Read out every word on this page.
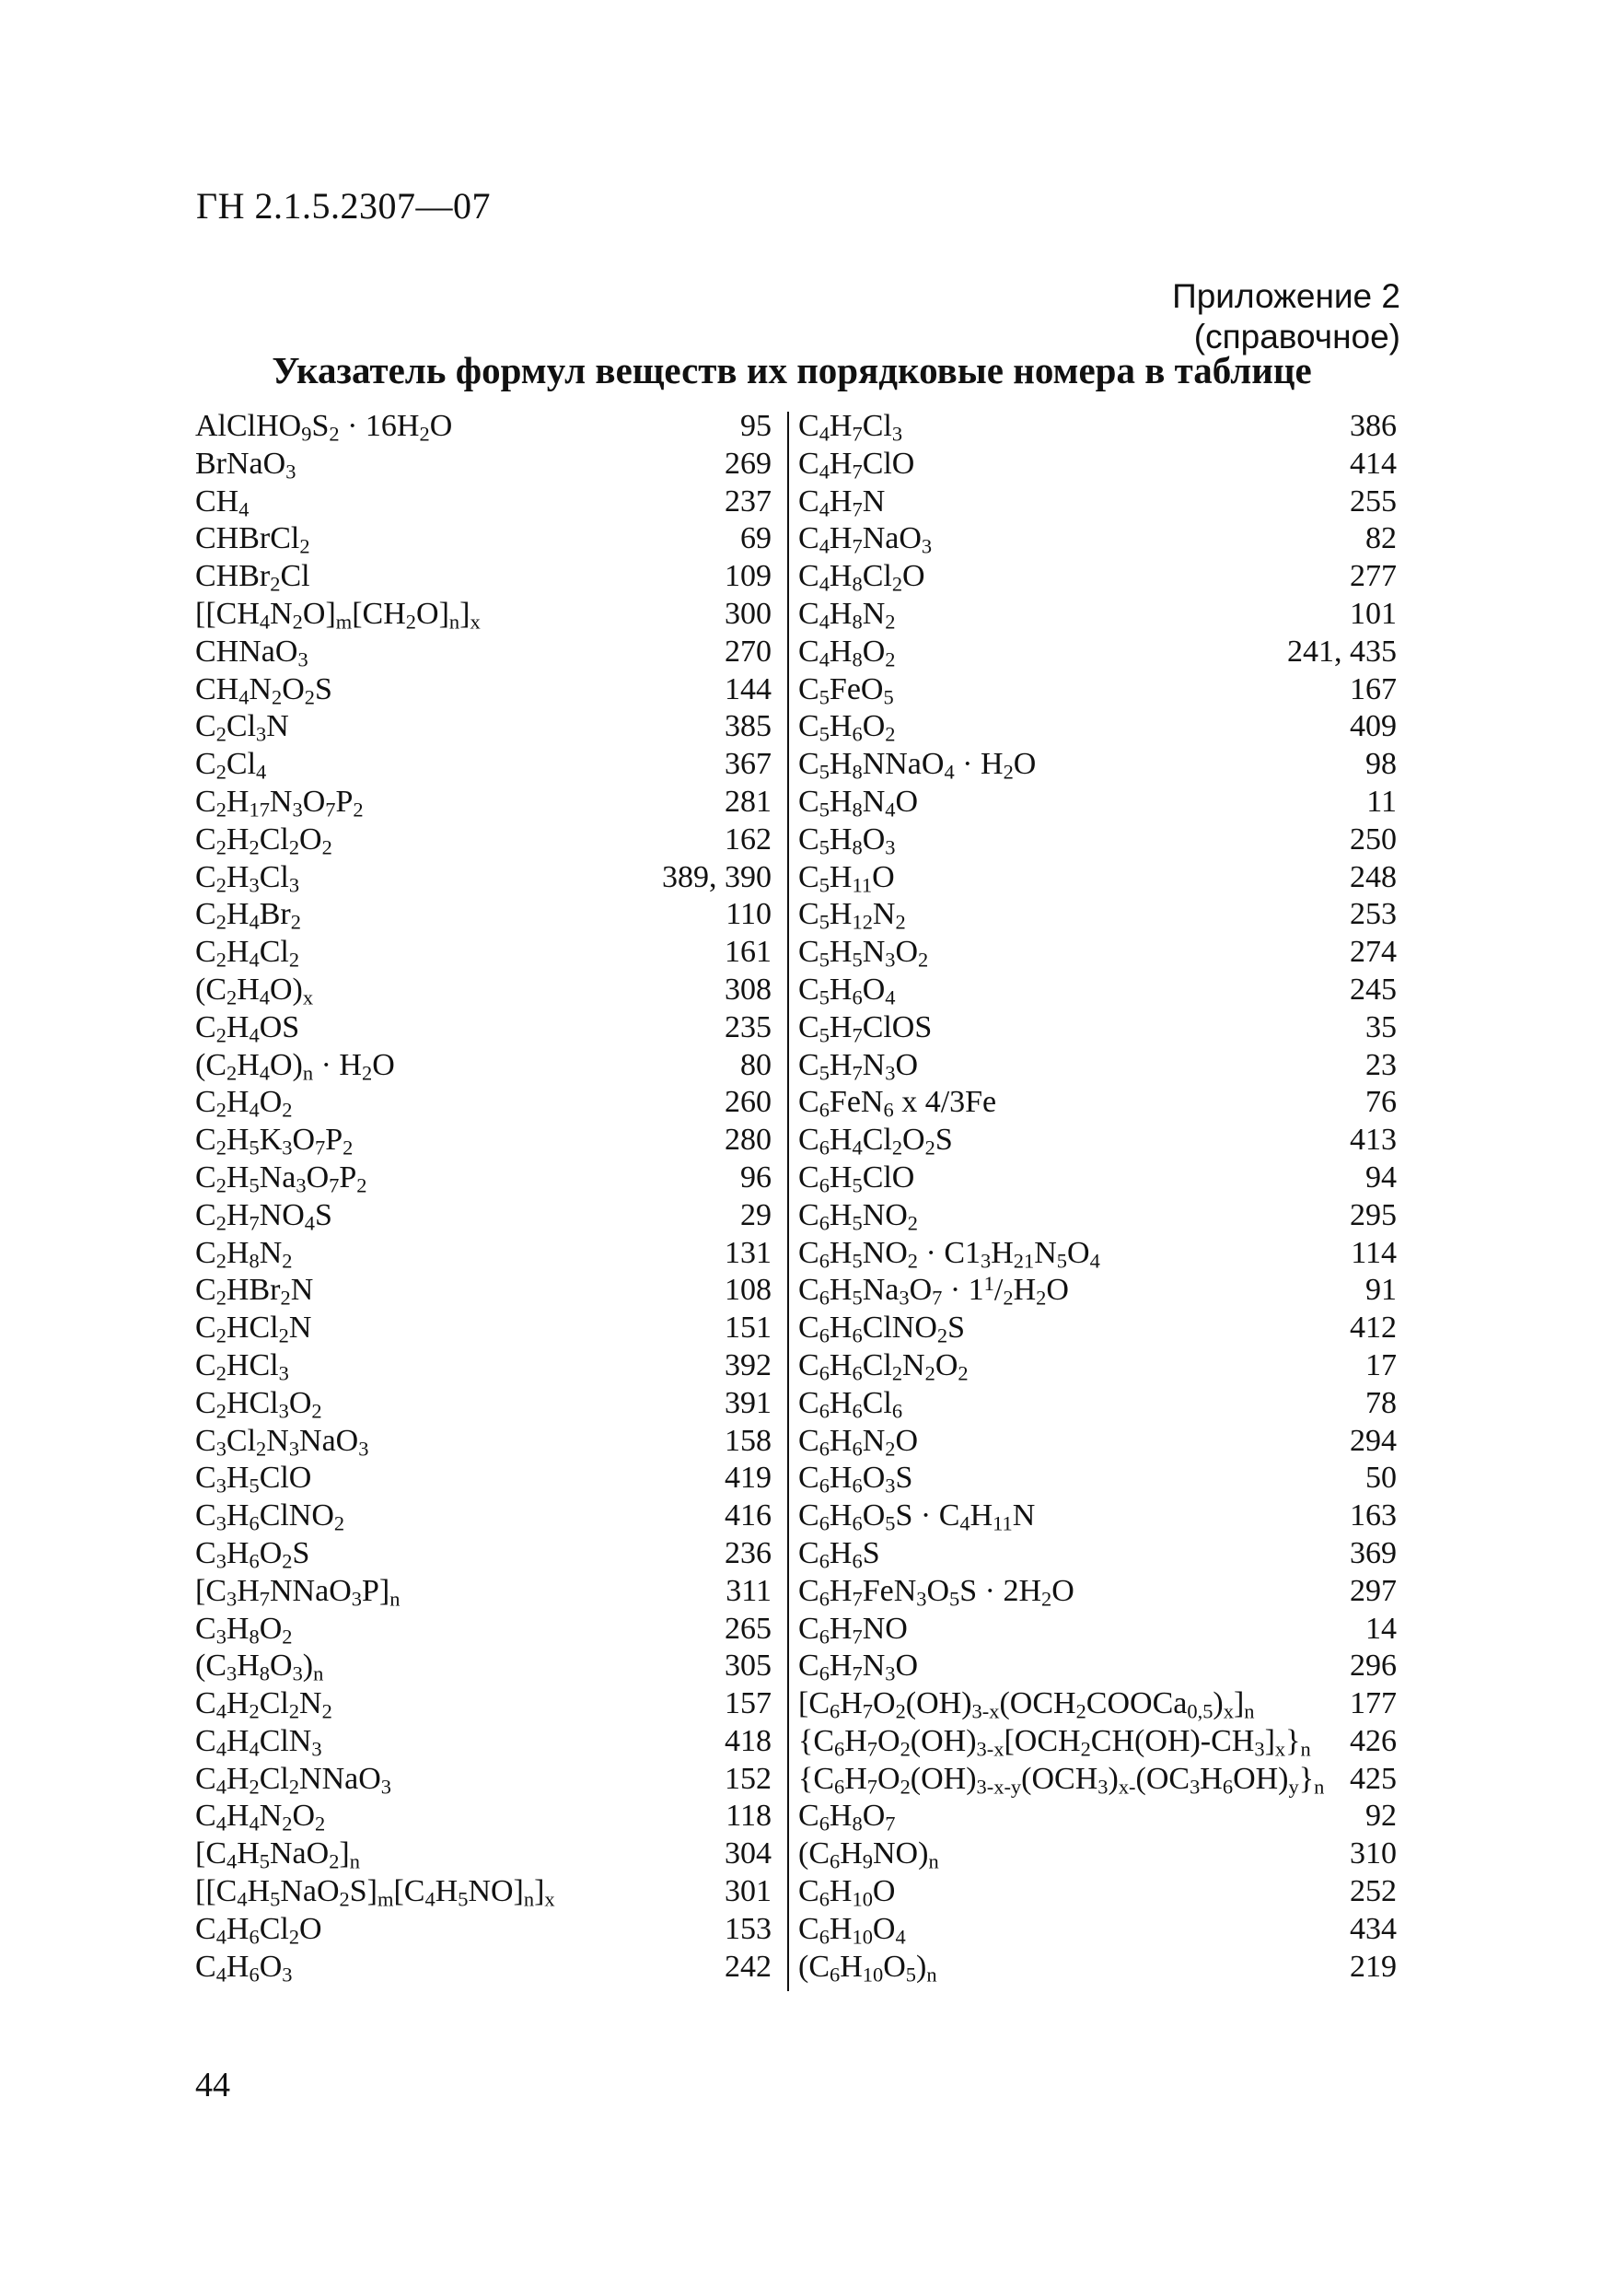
ГН 2.1.5.2307—07
Приложение 2
(справочное)
Указатель формул веществ их порядковые номера в таблице
$AlClHO_9S_2 \cdot 16H_2O$	95
BrNaO$_3$	269
$CH_4$	237
CHBrCl$_2$	69
CHBr$_2$Cl	109
$[[CH_4N_2O]_m[CH_2O]_n]_x$	300
CHNaO$_3$	270
$CH_4N_2O_2S$	144
$C_2Cl_3N$	385
$C_2Cl_4$	367
$C_2H_{17}N_3O_7P_2$	281
$C_2H_2Cl_2O_2$	162
$C_2H_3Cl_3$	389, 390
$C_2H_4Br_2$	110
$C_2H_4Cl_2$	161
$(C_2H_4O)_x$	308
$C_2H_4OS$	235
$(C_2H_4O)_n \cdot H_2O$	80
$C_2H_4O_2$	260
$C_2H_5K_3O_7P_2$	280
$C_2H_5Na_3O_7P_2$	96
$C_2H_7NO_4S$	29
$C_2H_8N_2$	131
$C_2HBr_2N$	108
$C_2HCl_2N$	151
$C_2HCl_3$	392
$C_2HCl_3O_2$	391
$C_3Cl_2N_3NaO_3$	158
$C_3H_5ClO$	419
$C_3H_6ClNO_2$	416
$C_3H_6O_2S$	236
$[C_3H_7NNaO_3P]_n$	311
$C_3H_8O_2$	265
$(C_3H_8O_3)_n$	305
$C_4H_2Cl_2N_2$	157
$C_4H_4ClN_3$	418
$C_4H_2Cl_2NNaO_3$	152
$C_4H_4N_2O_2$	118
$[C_4H_5NaO_2]_n$	304
$[[C_4H_5NaO_2S]_m[C_4H_5NO]_n]_x$	301
$C_4H_6Cl_2O$	153
$C_4H_6O_3$	242
$C_4H_7Cl_3$	386
$C_4H_7ClO$	414
$C_4H_7N$	255
$C_4H_7NaO_3$	82
$C_4H_8Cl_2O$	277
$C_4H_8N_2$	101
$C_4H_8O_2$	241, 435
$C_5FeO_5$	167
$C_5H_6O_2$	409
$C_5H_8NNaO_4 \cdot H_2O$	98
$C_5H_8N_4O$	11
$C_5H_8O_3$	250
$C_5H_{11}O$	248
$C_5H_{12}N_2$	253
$C_5H_5N_3O_2$	274
$C_5H_6O_4$	245
$C_5H_7ClOS$	35
$C_5H_7N_3O$	23
$C_6FeN_6$ x 4/3Fe	76
$C_6H_4Cl_2O_2S$	413
$C_6H_5ClO$	94
$C_6H_5NO_2$	295
$C_6H_5NO_2 \cdot C1_3H_{21}N_5O_4$	114
$C_6H_5Na_3O_7 \cdot 1^1/_2H_2O$	91
$C_6H_6ClNO_2S$	412
$C_6H_6Cl_2N_2O_2$	17
$C_6H_6Cl_6$	78
$C_6H_6N_2O$	294
$C_6H_6O_3S$	50
$C_6H_6O_5S \cdot C_4H_{11}N$	163
$C_6H_6S$	369
$C_6H_7FeN_3O_5S \cdot 2H_2O$	297
$C_6H_7NO$	14
$C_6H_7N_3O$	296
$[C_6H_7O_2(OH)_{3-x}(OCH_2COOCa_{0,5})_x]_n$	177
$\{C_6H_7O_2(OH)_{3-x}[OCH_2CH(OH)-CH_3]_x\}_n$ 426
$\{C_6H_7O_2(OH)_{3-x-y}(OCH_3)_{x-}(OC_3H_6OH)_y\}_n$ 425
$C_6H_8O_7$	92
$(C_6H_9NO)_n$	310
$C_6H_{10}O$	252
$C_6H_{10}O_4$	434
$(C_6H_{10}O_5)_n$	219
44
